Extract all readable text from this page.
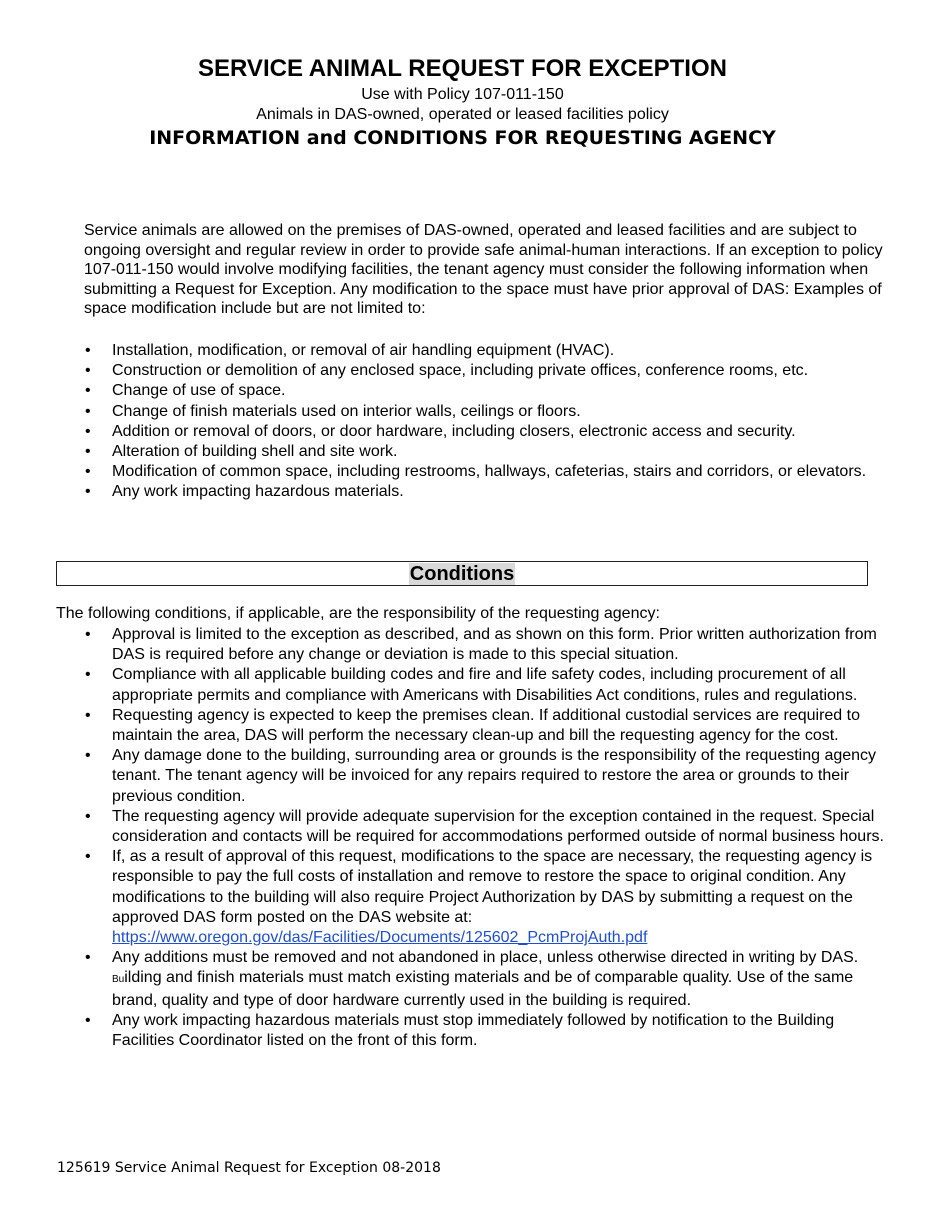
SERVICE ANIMAL REQUEST FOR EXCEPTION
Use with Policy 107-011-150
Animals in DAS-owned, operated or leased facilities policy
INFORMATION and CONDITIONS FOR REQUESTING AGENCY

Service animals are allowed on the premises of DAS-owned, operated and leased facilities and are subject to ongoing oversight and regular review in order to provide safe animal-human interactions. If an exception to policy 107-011-150 would involve modifying facilities, the tenant agency must consider the following information when submitting a Request for Exception. Any modification to the space must have prior approval of DAS: Examples of space modification include but are not limited to:

• Installation, modification, or removal of air handling equipment (HVAC).
• Construction or demolition of any enclosed space, including private offices, conference rooms, etc.
• Change of use of space.
• Change of finish materials used on interior walls, ceilings or floors.
• Addition or removal of doors, or door hardware, including closers, electronic access and security.
• Alteration of building shell and site work.
• Modification of common space, including restrooms, hallways, cafeterias, stairs and corridors, or elevators.
• Any work impacting hazardous materials.
Conditions
The following conditions, if applicable, are the responsibility of the requesting agency:
• Approval is limited to the exception as described, and as shown on this form. Prior written authorization from DAS is required before any change or deviation is made to this special situation.
• Compliance with all applicable building codes and fire and life safety codes, including procurement of all appropriate permits and compliance with Americans with Disabilities Act conditions, rules and regulations.
• Requesting agency is expected to keep the premises clean. If additional custodial services are required to maintain the area, DAS will perform the necessary clean-up and bill the requesting agency for the cost.
• Any damage done to the building, surrounding area or grounds is the responsibility of the requesting agency tenant. The tenant agency will be invoiced for any repairs required to restore the area or grounds to their previous condition.
• The requesting agency will provide adequate supervision for the exception contained in the request. Special consideration and contacts will be required for accommodations performed outside of normal business hours.
• If, as a result of approval of this request, modifications to the space are necessary, the requesting agency is responsible to pay the full costs of installation and remove to restore the space to original condition. Any modifications to the building will also require Project Authorization by DAS by submitting a request on the approved DAS form posted on the DAS website at: https://www.oregon.gov/das/Facilities/Documents/125602_PcmProjAuth.pdf
• Any additions must be removed and not abandoned in place, unless otherwise directed in writing by DAS. Building and finish materials must match existing materials and be of comparable quality. Use of the same brand, quality and type of door hardware currently used in the building is required.
• Any work impacting hazardous materials must stop immediately followed by notification to the Building Facilities Coordinator listed on the front of this form.
125619 Service Animal Request for Exception 08-2018
